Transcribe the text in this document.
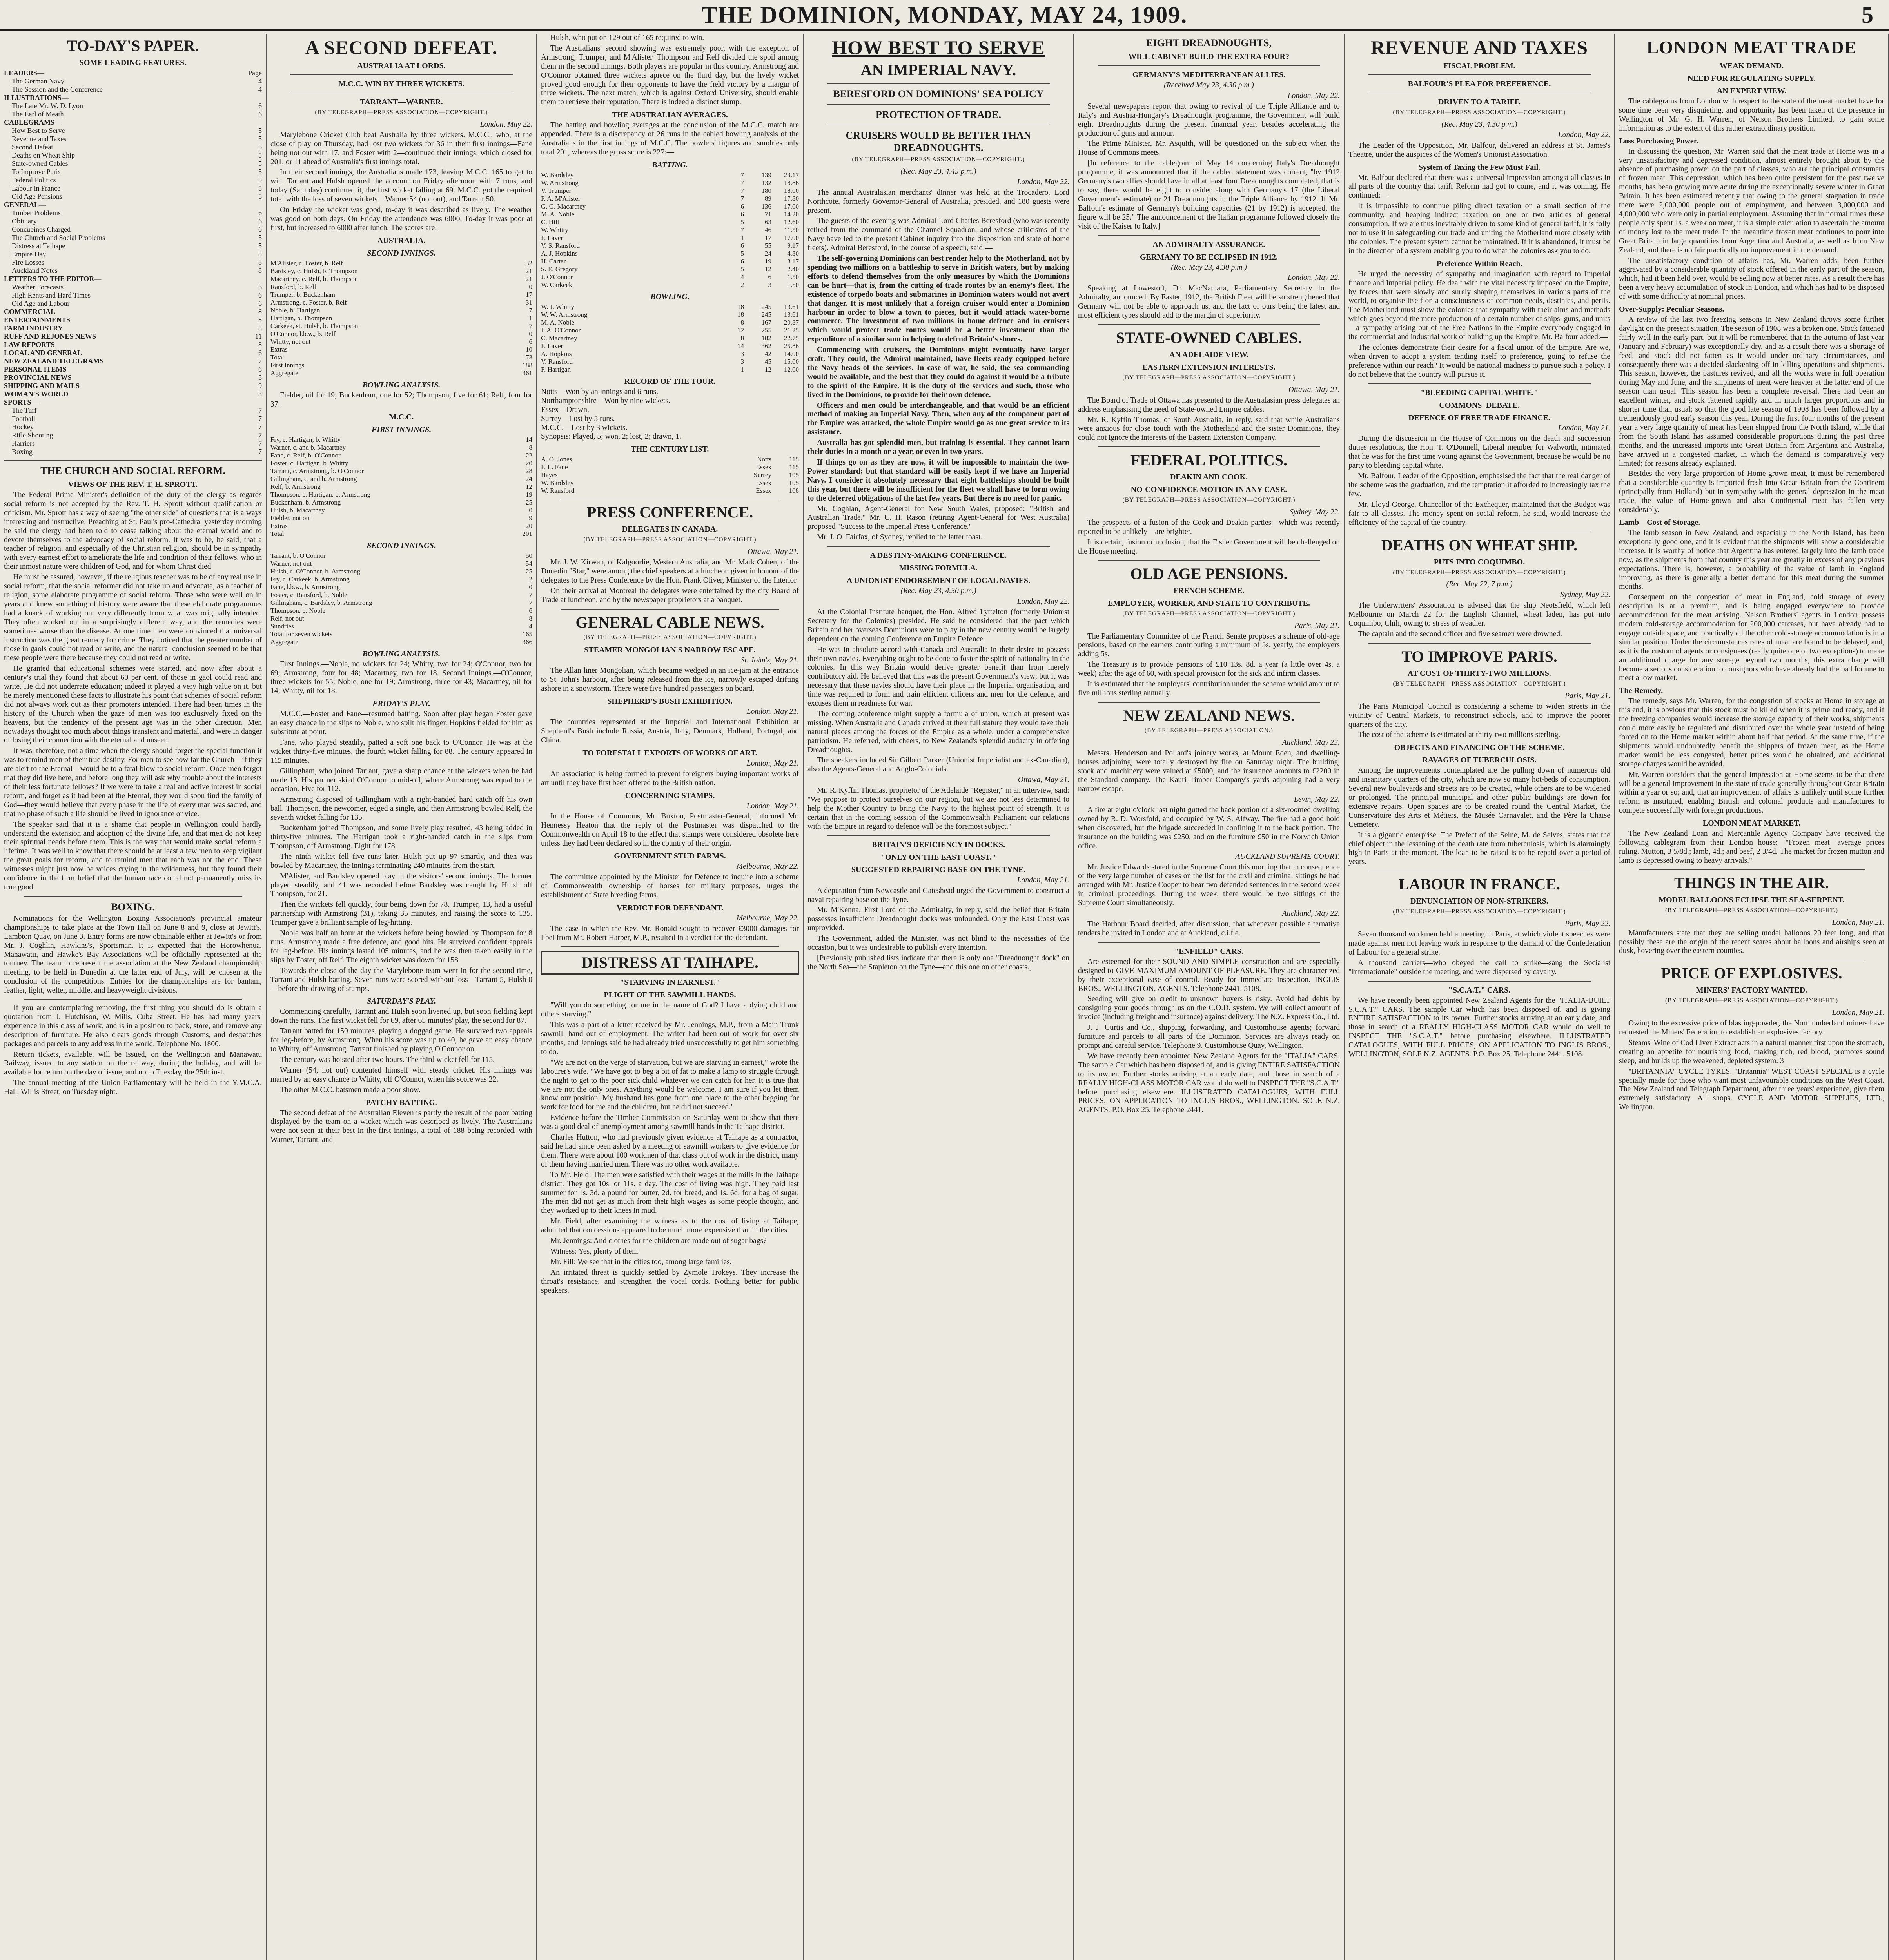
THE DOMINION, MONDAY, MAY 24, 1909.	5
TO-DAY'S PAPER.
SOME LEADING FEATURES.
LEADERS—	Page
The German Navy	4
The Session and the Conference	4
ILLUSTRATIONS—
The Late Mr. W. D. Lyon	6
The Earl of Meath	6
CABLEGRAMS—
How Best to Serve	5
Revenue and Taxes	5
Second Defeat	5
Deaths on Wheat Ship	5
State-owned Cables	5
To Improve Paris	5
Federal Politics	5
Labour in France	5
Old Age Pensions	5
GENERAL—
Timber Problems	6
Obituary	6
Concubines Charged	6
The Church and Social Problems	5
Distress at Taihape	5
Empire Day	8
Fire Losses	8
Auckland Notes	8
LETTERS TO THE EDITOR—
Weather Forecasts	6
High Rents and Hard Times	6
Old Age and Labour	6
COMMERCIAL	8
ENTERTAINMENTS	3
FARM INDUSTRY	8
RUFF AND REJONES NEWS	11
LAW REPORTS	8
LOCAL AND GENERAL	6
NEW ZEALAND TELEGRAMS	7
PERSONAL ITEMS	6
PROVINCIAL NEWS	3
SHIPPING AND MAILS	9
WOMAN'S WORLD	3
SPORTS—
The Turf	7
Football	7
Hockey	7
Rifle Shooting	7
Harriers	7
Boxing	7
THE CHURCH AND SOCIAL REFORM.
VIEWS OF THE REV. T. H. SPROTT.

The Federal Prime Minister's definition of the duty of the clergy as regards social reform is not accepted by the Rev. T. H. Sprott without qualification or criticism. Mr. Sprott has a way of seeing "the other side" of questions that is always interesting and instructive. Preaching at St. Paul's pro-Cathedral yesterday morning he said the clergy had been told to cease talking about the eternal world and to devote themselves to the advocacy of social reform. It was to be, he said, that a teacher of religion, and especially of the Christian religion, should be in sympathy with every earnest effort to ameliorate the life and condition of their fellows, who in their inmost nature were children of God, and for whom Christ died.

He must be assured, however, if the religious teacher was to be of any real use in social reform, that the social reformer did not take up and advocate, as a teacher of religion, some elaborate programme of social reform. Those who were well on in years and knew something of history were aware that these elaborate programmes had a knack of working out very differently from what was originally intended. They often worked out in a surprisingly different way, and the remedies were sometimes worse than the disease. At one time men were convinced that universal instruction was the great remedy for crime. They noticed that the greater number of those in gaols could not read or write, and the natural conclusion seemed to be that these people were there because they could not read or write.

He granted that educational schemes were started, and now after about a century's trial they found that about 60 per cent. of those in gaol could read and write. He did not underrate education; indeed it played a very high value on it, but he merely mentioned these facts to illustrate his point that schemes of social reform did not always work out as their promoters intended. There had been times in the history of the Church when the gaze of men was too exclusively fixed on the heavens, but the tendency of the present age was in the other direction. Men nowadays thought too much about things transient and material, and were in danger of losing their connection with the eternal and unseen.

It was, therefore, not a time when the clergy should forget the special function it was to remind men of their true destiny. For men to see how far the Church—if they are alert to the Eternal—would be to a fatal blow to social reform. Once men forgot that they did live here, and before long they will ask why trouble about the interests of their less fortunate fellows? If we were to take a real and active interest in social reform, and forget as it had been at the Eternal, they would soon find the family of God—they would believe that every phase in the life of every man was sacred, and that no phase of such a life should be lived in ignorance or vice.

The speaker said that it is a shame that people in Wellington could hardly understand the extension and adoption of the divine life, and that men do not keep their spiritual needs before them. This is the way that would make social reform a lifetime. It was well to know that there should be at least a few men to keep vigilant the great goals for reform, and to remind men that each was not the end. These witnesses might just now be voices crying in the wilderness, but they found their confidence in the firm belief that the human race could not permanently miss its true good.

BOXING.

Nominations for the Wellington Boxing Association's provincial amateur championships to take place at the Town Hall on June 8 and 9, close at Jewitt's, Lambton Quay, on June 3. Entry forms are now obtainable either at Jewitt's or from Mr. J. Coghlin, Hawkins's, Sportsman. It is expected that the Horowhenua, Manawatu, and Hawke's Bay Associations will be officially represented at the tourney. The team to represent the association at the New Zealand championship meeting, to be held in Dunedin at the latter end of July, will be chosen at the conclusion of the competitions. Entries for the championships are for bantam, feather, light, welter, middle, and heavyweight divisions.

If you are contemplating removing, the first thing you should do is obtain a quotation from J. Hutchison, W. Mills, Cuba Street. He has had many years' experience in this class of work, and is in a position to pack, store, and remove any description of furniture. He also clears goods through Customs, and despatches packages and parcels to any address in the world. Telephone No. 1800.

Return tickets, available, will be issued, on the Wellington and Manawatu Railway, issued to any station on the railway, during the holiday, and will be available for return on the day of issue, and up to Tuesday, the 25th inst.

The annual meeting of the Union Parliamentary will be held in the Y.M.C.A. Hall, Willis Street, on Tuesday night.

A SECOND DEFEAT.
AUSTRALIA AT LORDS.
M.C.C. WIN BY THREE WICKETS.
TARRANT—WARNER.
(BY TELEGRAPH—PRESS ASSOCIATION—COPYRIGHT.)
London, May 22.

Marylebone Cricket Club beat Australia by three wickets. M.C.C., who, at the close of play on Thursday, had lost two wickets for 36 in their first innings—Fane being not out with 17, and Foster with 2—continued their innings, which closed for 201, or 11 ahead of Australia's first innings total.

In their second innings, the Australians made 173, leaving M.C.C. 165 to get to win. Tarrant and Hulsh opened the account on Friday afternoon with 7 runs, and today (Saturday) continued it, the first wicket falling at 69. M.C.C. got the required total with the loss of seven wickets—Warner 54 (not out), and Tarrant 50.

On Friday the wicket was good, to-day it was described as lively. The weather was good on both days. On Friday the attendance was 6000. To-day it was poor at first, but increased to 6000 after lunch. The scores are:

AUSTRALIA.
SECOND INNINGS.
M'Alister, c. Foster, b. Relf	32
Bardsley, c. Hulsh, b. Thompson	21
Macartney, c. Relf, b. Thompson	21
Ransford, b. Relf	0
Trumper, b. Buckenham	17
Armstrong, c. Foster, b. Relf	31
Noble, b. Hartigan	7
Hartigan, b. Thompson	1
Carkeek, st. Hulsh, b. Thompson	7
O'Connor, l.b.w., b. Relf	0
Whitty, not out	6
Extras	10
Total	173
First Innings	188
Aggregate	361
BOWLING ANALYSIS.

Fielder, nil for 19; Buckenham, one for 52; Thompson, five for 61; Relf, four for 37.

M.C.C.
FIRST INNINGS.
Fry, c. Hartigan, b. Whitty	14
Warner, c. and b. Macartney	8
Fane, c. Relf, b. O'Connor	22
Foster, c. Hartigan, b. Whitty	20
Tarrant, c. Armstrong, b. O'Connor	28
Gillingham, c. and b. Armstrong	24
Relf, b. Armstrong	12
Thompson, c. Hartigan, b. Armstrong	19
Buckenham, b. Armstrong	25
Hulsh, b. Macartney	0
Fielder, not out	9
Extras	20
Total	201
SECOND INNINGS.
Tarrant, b. O'Connor	50
Warner, not out	54
Hulsh, c. O'Connor, b. Armstrong	25
Fry, c. Carkeek, b. Armstrong	2
Fane, l.b.w., b. Armstrong	0
Foster, c. Ransford, b. Noble	7
Gillingham, c. Bardsley, b. Armstrong	7
Thompson, b. Noble	6
Relf, not out	8
Sundries	4
Total for seven wickets	165
Aggregate	366
BOWLING ANALYSIS.

First Innings.—Noble, no wickets for 24; Whitty, two for 24; O'Connor, two for 69; Armstrong, four for 48; Macartney, two for 18. Second Innings.—O'Connor, three wickets for 55; Noble, one for 19; Armstrong, three for 43; Macartney, nil for 14; Whitty, nil for 18.

FRIDAY'S PLAY.

M.C.C.—Foster and Fane—resumed batting. Soon after play began Foster gave an easy chance in the slips to Noble, who spilt his finger. Hopkins fielded for him as substitute at point.

Fane, who played steadily, patted a soft one back to O'Connor. He was at the wicket thirty-five minutes, the fourth wicket falling for 88. The century appeared in 115 minutes.

Gillingham, who joined Tarrant, gave a sharp chance at the wickets when he had made 13. His partner skied O'Connor to mid-off, where Armstrong was equal to the occasion. Five for 112.

Armstrong disposed of Gillingham with a right-handed hard catch off his own ball. Thompson, the newcomer, edged a single, and then Armstrong bowled Relf, the seventh wicket falling for 135.

Buckenham joined Thompson, and some lively play resulted, 43 being added in thirty-five minutes. The Hartigan took a right-handed catch in the slips from Thompson, off Armstrong. Eight for 178.

The ninth wicket fell five runs later. Hulsh put up 97 smartly, and then was bowled by Macartney, the innings terminating 240 minutes from the start.

M'Alister, and Bardsley opened play in the visitors' second innings. The former played steadily, and 41 was recorded before Bardsley was caught by Hulsh off Thompson, for 21.

Then the wickets fell quickly, four being down for 78. Trumper, 13, had a useful partnership with Armstrong (31), taking 35 minutes, and raising the score to 135. Trumper gave a brilliant sample of leg-hitting.

Noble was half an hour at the wickets before being bowled by Thompson for 8 runs. Armstrong made a free defence, and good hits. He survived confident appeals for leg-before. His innings lasted 105 minutes, and he was then taken easily in the slips by Foster, off Relf. The eighth wicket was down for 158.

Towards the close of the day the Marylebone team went in for the second time, Tarrant and Hulsh batting. Seven runs were scored without loss—Tarrant 5, Hulsh 0—before the drawing of stumps.

SATURDAY'S PLAY.

Commencing carefully, Tarrant and Hulsh soon livened up, but soon fielding kept down the runs. The first wicket fell for 69, after 65 minutes' play, the second for 87.

Tarrant batted for 150 minutes, playing a dogged game. He survived two appeals for leg-before, by Armstrong. When his score was up to 40, he gave an easy chance to Whitty, off Armstrong. Tarrant finished by playing O'Connor on.

The century was hoisted after two hours. The third wicket fell for 115.

Warner (54, not out) contented himself with steady cricket. His innings was marred by an easy chance to Whitty, off O'Connor, when his score was 22.

The other M.C.C. batsmen made a poor show.

PATCHY BATTING.

The second defeat of the Australian Eleven is partly the result of the poor batting displayed by the team on a wicket which was described as lively. The Australians were not seen at their best in the first innings, a total of 188 being recorded, with Warner, Tarrant, and

Hulsh, who put on 129 out of 165 required to win.

The Australians' second showing was extremely poor, with the exception of Armstrong, Trumper, and M'Alister. Thompson and Relf divided the spoil among them in the second innings. Both players are popular in this country. Armstrong and O'Connor obtained three wickets apiece on the third day, but the lively wicket proved good enough for their opponents to have the field victory by a margin of three wickets. The next match, which is against Oxford University, should enable them to retrieve their reputation. There is indeed a distinct slump.

THE AUSTRALIAN AVERAGES.

The batting and bowling averages at the conclusion of the M.C.C. match are appended. There is a discrepancy of 26 runs in the cabled bowling analysis of the Australians in the first innings of M.C.C. The bowlers' figures and sundries only total 201, whereas the gross score is 227:—

BATTING.
W. Bardsley	7	139	23.17
W. Armstrong	7	132	18.86
V. Trumper	7	180	18.00
P. A. M'Alister	7	89	17.80
G. G. Macartney	6	136	17.00
M. A. Noble	6	71	14.20
C. Hill	5	63	12.60
W. Whitty	7	46	11.50
F. Laver	1	17	17.00
V. S. Ransford	6	55	9.17
A. J. Hopkins	5	24	4.80
H. Carter	6	19	3.17
S. E. Gregory	5	12	2.40
J. O'Connor	4	6	1.50
W. Carkeek	2	3	1.50
BOWLING.
W. J. Whitty	18	245	13.61
W. W. Armstrong	18	245	13.61
M. A. Noble	8	167	20.87
J. A. O'Connor	12	255	21.25
C. Macartney	8	182	22.75
F. Laver	14	362	25.86
A. Hopkins	3	42	14.00
V. Ransford	3	45	15.00
F. Hartigan	1	12	12.00
RECORD OF THE TOUR.
Notts—Won by an innings and 6 runs.
Northamptonshire—Won by nine wickets.
Essex—Drawn.
Surrey—Lost by 5 runs.
M.C.C.—Lost by 3 wickets.
Synopsis: Played, 5; won, 2; lost, 2; drawn, 1.
THE CENTURY LIST.
A. O. Jones	Notts	115
F. L. Fane	Essex	115
Hayes	Surrey	105
W. Bardsley	Essex	105
W. Ransford	Essex	108
PRESS CONFERENCE.
DELEGATES IN CANADA.
(BY TELEGRAPH—PRESS ASSOCIATION—COPYRIGHT.)
Ottawa, May 21.

Mr. J. W. Kirwan, of Kalgoorlie, Western Australia, and Mr. Mark Cohen, of the Dunedin "Star," were among the chief speakers at a luncheon given in honour of the delegates to the Press Conference by the Hon. Frank Oliver, Minister of the Interior.

On their arrival at Montreal the delegates were entertained by the city Board of Trade at luncheon, and by the newspaper proprietors at a banquet.

GENERAL CABLE NEWS.
(BY TELEGRAPH—PRESS ASSOCIATION—COPYRIGHT.)
STEAMER MONGOLIAN'S NARROW ESCAPE.
St. John's, May 21.

The Allan liner Mongolian, which became wedged in an ice-jam at the entrance to St. John's harbour, after being released from the ice, narrowly escaped drifting ashore in a snowstorm. There were five hundred passengers on board.

SHEPHERD'S BUSH EXHIBITION.
London, May 21.

The countries represented at the Imperial and International Exhibition at Shepherd's Bush include Russia, Austria, Italy, Denmark, Holland, Portugal, and China.

TO FORESTALL EXPORTS OF WORKS OF ART.
London, May 21.

An association is being formed to prevent foreigners buying important works of art until they have first been offered to the British nation.

CONCERNING STAMPS.
London, May 21.

In the House of Commons, Mr. Buxton, Postmaster-General, informed Mr. Hennessy Heaton that the reply of the Postmaster was dispatched to the Commonwealth on April 18 to the effect that stamps were considered obsolete here unless they had been declared so in the country of their origin.

GOVERNMENT STUD FARMS.
Melbourne, May 22.

The committee appointed by the Minister for Defence to inquire into a scheme of Commonwealth ownership of horses for military purposes, urges the establishment of State breeding farms.

VERDICT FOR DEFENDANT.
Melbourne, May 22.

The case in which the Rev. Mr. Ronald sought to recover £3000 damages for libel from Mr. Robert Harper, M.P., resulted in a verdict for the defendant.

DISTRESS AT TAIHAPE.
"STARVING IN EARNEST."
PLIGHT OF THE SAWMILL HANDS.

"Will you do something for me in the name of God? I have a dying child and others starving."

This was a part of a letter received by Mr. Jennings, M.P., from a Main Trunk sawmill hand out of employment. The writer had been out of work for over six months, and Jennings said he had already tried unsuccessfully to get him something to do.

"We are not on the verge of starvation, but we are starving in earnest," wrote the labourer's wife. "We have got to beg a bit of fat to make a lamp to struggle through the night to get to the poor sick child whatever we can catch for her. It is true that we are not the only ones. Anything would be welcome. I am sure if you let them know our position. My husband has gone from one place to the other begging for work for food for me and the children, but he did not succeed."

Evidence before the Timber Commission on Saturday went to show that there was a good deal of unemployment among sawmill hands in the Taihape district.

Charles Hutton, who had previously given evidence at Taihape as a contractor, said he had since been asked by a meeting of sawmill workers to give evidence for them. There were about 100 workmen of that class out of work in the district, many of them having married men. There was no other work available.

To Mr. Field: The men were satisfied with their wages at the mills in the Taihape district. They got 10s. or 11s. a day. The cost of living was high. They paid last summer for 1s. 3d. a pound for butter, 2d. for bread, and 1s. 6d. for a bag of sugar. The men did not get as much from their high wages as some people thought, and they worked up to their knees in mud.

Mr. Field, after examining the witness as to the cost of living at Taihape, admitted that concessions appeared to be much more expensive than in the cities.

Mr. Jennings: And clothes for the children are made out of sugar bags?

Witness: Yes, plenty of them.

Mr. Fill: We see that in the cities too, among large families.

An irritated threat is quickly settled by Zymole Trokeys. They increase the throat's resistance, and strengthen the vocal cords. Nothing better for public speakers.

HOW BEST TO SERVE
AN IMPERIAL NAVY.
BERESFORD ON DOMINIONS' SEA POLICY
PROTECTION OF TRADE.
CRUISERS WOULD BE BETTER THAN DREADNOUGHTS.
(BY TELEGRAPH—PRESS ASSOCIATION—COPYRIGHT.)
(Rec. May 23, 4.45 p.m.)
London, May 22.

The annual Australasian merchants' dinner was held at the Trocadero. Lord Northcote, formerly Governor-General of Australia, presided, and 180 guests were present.

The guests of the evening was Admiral Lord Charles Beresford (who was recently retired from the command of the Channel Squadron, and whose criticisms of the Navy have led to the present Cabinet inquiry into the disposition and state of home fleets). Admiral Beresford, in the course of a speech, said:—

The self-governing Dominions can best render help to the Motherland, not by spending two millions on a battleship to serve in British waters, but by making efforts to defend themselves from the only measures by which the Dominions can be hurt—that is, from the cutting of trade routes by an enemy's fleet. The existence of torpedo boats and submarines in Dominion waters would not avert that danger. It is most unlikely that a foreign cruiser would enter a Dominion harbour in order to blow a town to pieces, but it would attack water-borne commerce. The investment of two millions in home defence and in cruisers which would protect trade routes would be a better investment than the expenditure of a similar sum in helping to defend Britain's shores.

Commencing with cruisers, the Dominions might eventually have larger craft. They could, the Admiral maintained, have fleets ready equipped before the Navy heads of the services. In case of war, he said, the sea commanding would be available, and the best that they could do against it would be a tribute to the spirit of the Empire. It is the duty of the services and such, those who lived in the Dominions, to provide for their own defence.

Officers and men could be interchangeable, and that would be an efficient method of making an Imperial Navy. Then, when any of the component part of the Empire was attacked, the whole Empire would go as one great service to its assistance.

Australia has got splendid men, but training is essential. They cannot learn their duties in a month or a year, or even in two years.

If things go on as they are now, it will be impossible to maintain the two-Power standard; but that standard will be easily kept if we have an Imperial Navy. I consider it absolutely necessary that eight battleships should be built this year, but there will be insufficient for the fleet we shall have to form owing to the deferred obligations of the last few years. But there is no need for panic.

Mr. Coghlan, Agent-General for New South Wales, proposed: "British and Australian Trade." Mr. C. H. Rason (retiring Agent-General for West Australia) proposed "Success to the Imperial Press Conference."

Mr. J. O. Fairfax, of Sydney, replied to the latter toast.

A DESTINY-MAKING CONFERENCE.
MISSING FORMULA.
A UNIONIST ENDORSEMENT OF LOCAL NAVIES.
(Rec. May 23, 4.30 p.m.)
London, May 22.

At the Colonial Institute banquet, the Hon. Alfred Lyttelton (formerly Unionist Secretary for the Colonies) presided. He said he considered that the pact which Britain and her overseas Dominions were to play in the new century would be largely dependent on the coming Conference on Empire Defence.

He was in absolute accord with Canada and Australia in their desire to possess their own navies. Everything ought to be done to foster the spirit of nationality in the colonies. In this way Britain would derive greater benefit than from merely contributory aid. He believed that this was the present Government's view; but it was necessary that these navies should have their place in the Imperial organisation, and time was required to form and train efficient officers and men for the defence, and excuses them in readiness for war.

The coming conference might supply a formula of union, which at present was missing. When Australia and Canada arrived at their full stature they would take their natural places among the forces of the Empire as a whole, under a comprehensive patriotism. He referred, with cheers, to New Zealand's splendid audacity in offering Dreadnoughts.

The speakers included Sir Gilbert Parker (Unionist Imperialist and ex-Canadian), also the Agents-General and Anglo-Colonials.

Ottawa, May 21.

Mr. R. Kyffin Thomas, proprietor of the Adelaide "Register," in an interview, said: "We propose to protect ourselves on our region, but we are not less determined to help the Mother Country to bring the Navy to the highest point of strength. It is certain that in the coming session of the Commonwealth Parliament our relations with the Empire in regard to defence will be the foremost subject."

BRITAIN'S DEFICIENCY IN DOCKS.
"ONLY ON THE EAST COAST."
SUGGESTED REPAIRING BASE ON THE TYNE.
London, May 21.

A deputation from Newcastle and Gateshead urged the Government to construct a naval repairing base on the Tyne.

Mr. M'Kenna, First Lord of the Admiralty, in reply, said the belief that Britain possesses insufficient Dreadnought docks was unfounded. Only the East Coast was unprovided.

The Government, added the Minister, was not blind to the necessities of the occasion, but it was undesirable to publish every intention.

[Previously published lists indicate that there is only one "Dreadnought dock" on the North Sea—the Stapleton on the Tyne—and this one on other coasts.]

EIGHT DREADNOUGHTS,
WILL CABINET BUILD THE EXTRA FOUR?
GERMANY'S MEDITERRANEAN ALLIES.
(Received May 23, 4.30 p.m.)
London, May 22.

Several newspapers report that owing to revival of the Triple Alliance and to Italy's and Austria-Hungary's Dreadnought programme, the Government will build eight Dreadnoughts during the present financial year, besides accelerating the production of guns and armour.

The Prime Minister, Mr. Asquith, will be questioned on the subject when the House of Commons meets.

[In reference to the cablegram of May 14 concerning Italy's Dreadnought programme, it was announced that if the cabled statement was correct, "by 1912 Germany's two allies should have in all at least four Dreadnoughts completed; that is to say, there would be eight to consider along with Germany's 17 (the Liberal Government's estimate) or 21 Dreadnoughts in the Triple Alliance by 1912. If Mr. Balfour's estimate of Germany's building capacities (21 by 1912) is accepted, the figure will be 25." The announcement of the Italian programme followed closely the visit of the Kaiser to Italy.]

AN ADMIRALTY ASSURANCE.
GERMANY TO BE ECLIPSED IN 1912.
(Rec. May 23, 4.30 p.m.)
London, May 22.

Speaking at Lowestoft, Dr. MacNamara, Parliamentary Secretary to the Admiralty, announced: By Easter, 1912, the British Fleet will be so strengthened that Germany will not be able to approach us, and the fact of ours being the latest and most efficient types should add to the margin of superiority.

STATE-OWNED CABLES.
AN ADELAIDE VIEW.
EASTERN EXTENSION INTERESTS.
(BY TELEGRAPH—PRESS ASSOCIATION—COPYRIGHT.)
Ottawa, May 21.

The Board of Trade of Ottawa has presented to the Australasian press delegates an address emphasising the need of State-owned Empire cables.

Mr. R. Kyffin Thomas, of South Australia, in reply, said that while Australians were anxious for close touch with the Motherland and the sister Dominions, they could not ignore the interests of the Eastern Extension Company.

FEDERAL POLITICS.
DEAKIN AND COOK.
NO-CONFIDENCE MOTION IN ANY CASE.
(BY TELEGRAPH—PRESS ASSOCIATION—COPYRIGHT.)
Sydney, May 22.

The prospects of a fusion of the Cook and Deakin parties—which was recently reported to be unlikely—are brighter.

It is certain, fusion or no fusion, that the Fisher Government will be challenged on the House meeting.

OLD AGE PENSIONS.
FRENCH SCHEME.
EMPLOYER, WORKER, AND STATE TO CONTRIBUTE.
(BY TELEGRAPH—PRESS ASSOCIATION—COPYRIGHT.)
Paris, May 21.

The Parliamentary Committee of the French Senate proposes a scheme of old-age pensions, based on the earners contributing a minimum of 5s. yearly, the employers adding 5s.

The Treasury is to provide pensions of £10 13s. 8d. a year (a little over 4s. a week) after the age of 60, with special provision for the sick and infirm classes.

It is estimated that the employers' contribution under the scheme would amount to five millions sterling annually.

NEW ZEALAND NEWS.
(BY TELEGRAPH—PRESS ASSOCIATION.)
Auckland, May 23.

Messrs. Henderson and Pollard's joinery works, at Mount Eden, and dwelling-houses adjoining, were totally destroyed by fire on Saturday night. The building, stock and machinery were valued at £5000, and the insurance amounts to £2200 in the Standard company. The Kauri Timber Company's yards adjoining had a very narrow escape.

Levin, May 22.

A fire at eight o'clock last night gutted the back portion of a six-roomed dwelling owned by R. D. Worsfold, and occupied by W. S. Alfway. The fire had a good hold when discovered, but the brigade succeeded in confining it to the back portion. The insurance on the building was £250, and on the furniture £50 in the Norwich Union office.

AUCKLAND SUPREME COURT.

Mr. Justice Edwards stated in the Supreme Court this morning that in consequence of the very large number of cases on the list for the civil and criminal sittings he had arranged with Mr. Justice Cooper to hear two defended sentences in the second week in criminal proceedings. During the week, there would be two sittings of the Supreme Court simultaneously.

Auckland, May 22.

The Harbour Board decided, after discussion, that whenever possible alternative tenders be invited in London and at Auckland, c.i.f.e.

"ENFIELD" CARS.

Are esteemed for their SOUND AND SIMPLE construction and are especially designed to GIVE MAXIMUM AMOUNT OF PLEASURE. They are characterized by their exceptional ease of control. Ready for immediate inspection. INGLIS BROS., WELLINGTON, AGENTS. Telephone 2441. 5108.

Seeding will give on credit to unknown buyers is risky. Avoid bad debts by consigning your goods through us on the C.O.D. system. We will collect amount of invoice (including freight and insurance) against delivery. The N.Z. Express Co., Ltd.

J. J. Curtis and Co., shipping, forwarding, and Customhouse agents; forward furniture and parcels to all parts of the Dominion. Services are always ready on prompt and careful service. Telephone 9. Customhouse Quay, Wellington.

We have recently been appointed New Zealand Agents for the "ITALIA" CARS. The sample Car which has been disposed of, and is giving ENTIRE SATISFACTION to its owner. Further stocks arriving at an early date, and those in search of a REALLY HIGH-CLASS MOTOR CAR would do well to INSPECT THE "S.C.A.T." before purchasing elsewhere. ILLUSTRATED CATALOGUES, WITH FULL PRICES, ON APPLICATION TO INGLIS BROS., WELLINGTON. SOLE N.Z. AGENTS. P.O. Box 25. Telephone 2441.

REVENUE AND TAXES
FISCAL PROBLEM.
BALFOUR'S PLEA FOR PREFERENCE.
DRIVEN TO A TARIFF.
(BY TELEGRAPH—PRESS ASSOCIATION—COPYRIGHT.)
(Rec. May 23, 4.30 p.m.)
London, May 22.

The Leader of the Opposition, Mr. Balfour, delivered an address at St. James's Theatre, under the auspices of the Women's Unionist Association.

System of Taxing the Few Must Fail.

Mr. Balfour declared that there was a universal impression amongst all classes in all parts of the country that tariff Reform had got to come, and it was coming. He continued:—

It is impossible to continue piling direct taxation on a small section of the community, and heaping indirect taxation on one or two articles of general consumption. If we are thus inevitably driven to some kind of general tariff, it is folly not to use it in safeguarding our trade and uniting the Motherland more closely with the colonies. The present system cannot be maintained. If it is abandoned, it must be in the direction of a system enabling you to do what the colonies ask you to do.

Preference Within Reach.

He urged the necessity of sympathy and imagination with regard to Imperial finance and Imperial policy. He dealt with the vital necessity imposed on the Empire, by forces that were slowly and surely shaping themselves in various parts of the world, to organise itself on a consciousness of common needs, destinies, and perils. The Motherland must show the colonies that sympathy with their aims and methods which goes beyond the mere production of a certain number of ships, guns, and units—a sympathy arising out of the Free Nations in the Empire everybody engaged in the commercial and industrial work of building up the Empire. Mr. Balfour added:—

The colonies demonstrate their desire for a fiscal union of the Empire. Are we, when driven to adopt a system tending itself to preference, going to refuse the preference within our reach? It would be national madness to pursue such a policy. I do not believe that the country will pursue it.

"BLEEDING CAPITAL WHITE."
COMMONS' DEBATE.
DEFENCE OF FREE TRADE FINANCE.
London, May 21.

During the discussion in the House of Commons on the death and succession duties resolutions, the Hon. T. O'Donnell, Liberal member for Walworth, intimated that he was for the first time voting against the Government, because he would be no party to bleeding capital white.

Mr. Balfour, Leader of the Opposition, emphasised the fact that the real danger of the scheme was the graduation, and the temptation it afforded to increasingly tax the few.

Mr. Lloyd-George, Chancellor of the Exchequer, maintained that the Budget was fair to all classes. The money spent on social reform, he said, would increase the efficiency of the capital of the country.

DEATHS ON WHEAT SHIP.
PUTS INTO COQUIMBO.
(BY TELEGRAPH—PRESS ASSOCIATION—COPYRIGHT.)
(Rec. May 22, 7 p.m.)
Sydney, May 22.

The Underwriters' Association is advised that the ship Neotsfield, which left Melbourne on March 22 for the English Channel, wheat laden, has put into Coquimbo, Chili, owing to stress of weather.

The captain and the second officer and five seamen were drowned.

TO IMPROVE PARIS.
AT COST OF THIRTY-TWO MILLIONS.
(BY TELEGRAPH—PRESS ASSOCIATION—COPYRIGHT.)
Paris, May 21.

The Paris Municipal Council is considering a scheme to widen streets in the vicinity of Central Markets, to reconstruct schools, and to improve the poorer quarters of the city.

The cost of the scheme is estimated at thirty-two millions sterling.

OBJECTS AND FINANCING OF THE SCHEME.
RAVAGES OF TUBERCULOSIS.

Among the improvements contemplated are the pulling down of numerous old and insanitary quarters of the city, which are now so many hot-beds of consumption. Several new boulevards and streets are to be created, while others are to be widened or prolonged. The principal municipal and other public buildings are down for extensive repairs. Open spaces are to be created round the Central Market, the Conservatoire des Arts et Métiers, the Musée Carnavalet, and the Père la Chaise Cemetery.

It is a gigantic enterprise. The Prefect of the Seine, M. de Selves, states that the chief object in the lessening of the death rate from tuberculosis, which is alarmingly high in Paris at the moment. The loan to be raised is to be repaid over a period of years.

LABOUR IN FRANCE.
DENUNCIATION OF NON-STRIKERS.
(BY TELEGRAPH—PRESS ASSOCIATION—COPYRIGHT.)
Paris, May 22.

Seven thousand workmen held a meeting in Paris, at which violent speeches were made against men not leaving work in response to the demand of the Confederation of Labour for a general strike.

A thousand carriers—who obeyed the call to strike—sang the Socialist "Internationale" outside the meeting, and were dispersed by cavalry.

"S.C.A.T." CARS.

We have recently been appointed New Zealand Agents for the "ITALIA-BUILT S.C.A.T." CARS. The sample Car which has been disposed of, and is giving ENTIRE SATISFACTION to its owner. Further stocks arriving at an early date, and those in search of a REALLY HIGH-CLASS MOTOR CAR would do well to INSPECT THE "S.C.A.T." before purchasing elsewhere. ILLUSTRATED CATALOGUES, WITH FULL PRICES, ON APPLICATION TO INGLIS BROS., WELLINGTON, SOLE N.Z. AGENTS. P.O. Box 25. Telephone 2441. 5108.

LONDON MEAT TRADE
WEAK DEMAND.
NEED FOR REGULATING SUPPLY.
AN EXPERT VIEW.

The cablegrams from London with respect to the state of the meat market have for some time been very disquieting, and opportunity has been taken of the presence in Wellington of Mr. G. H. Warren, of Nelson Brothers Limited, to gain some information as to the extent of this rather extraordinary position.

Loss Purchasing Power.

In discussing the question, Mr. Warren said that the meat trade at Home was in a very unsatisfactory and depressed condition, almost entirely brought about by the absence of purchasing power on the part of classes, who are the principal consumers of frozen meat. This depression, which has been quite persistent for the past twelve months, has been growing more acute during the exceptionally severe winter in Great Britain. It has been estimated recently that owing to the general stagnation in trade there were 2,000,000 people out of employment, and between 3,000,000 and 4,000,000 who were only in partial employment. Assuming that in normal times these people only spent 1s. a week on meat, it is a simple calculation to ascertain the amount of money lost to the meat trade. In the meantime frozen meat continues to pour into Great Britain in large quantities from Argentina and Australia, as well as from New Zealand, and there is no fair practically no improvement in the demand.

The unsatisfactory condition of affairs has, Mr. Warren adds, been further aggravated by a considerable quantity of stock offered in the early part of the season, which, had it been held over, would be selling now at better rates. As a result there has been a very heavy accumulation of stock in London, and which has had to be disposed of with some difficulty at nominal prices.

Over-Supply: Peculiar Seasons.

A review of the last two freezing seasons in New Zealand throws some further daylight on the present situation. The season of 1908 was a broken one. Stock fattened fairly well in the early part, but it will be remembered that in the autumn of last year (January and February) was exceptionally dry, and as a result there was a shortage of feed, and stock did not fatten as it would under ordinary circumstances, and consequently there was a decided slackening off in killing operations and shipments. This season, however, the pastures revived, and all the works were in full operation during May and June, and the shipments of meat were heavier at the latter end of the season than usual. This season has been a complete reversal. There had been an excellent winter, and stock fattened rapidly and in much larger proportions and in shorter time than usual; so that the good late season of 1908 has been followed by a tremendously good early season this year. During the first four months of the present year a very large quantity of meat has been shipped from the North Island, while that from the South Island has assumed considerable proportions during the past three months, and the increased imports into Great Britain from Argentina and Australia, have arrived in a congested market, in which the demand is comparatively very limited; for reasons already explained.

Besides the very large proportion of Home-grown meat, it must be remembered that a considerable quantity is imported fresh into Great Britain from the Continent (principally from Holland) but in sympathy with the general depression in the meat trade, the value of Home-grown and also Continental meat has fallen very considerably.

Lamb—Cost of Storage.

The lamb season in New Zealand, and especially in the North Island, has been exceptionally good one, and it is evident that the shipments will show a considerable increase. It is worthy of notice that Argentina has entered largely into the lamb trade now, as the shipments from that country this year are greatly in excess of any previous expectations. There is, however, a probability of the value of lamb in England improving, as there is generally a better demand for this meat during the summer months.

Consequent on the congestion of meat in England, cold storage of every description is at a premium, and is being engaged everywhere to provide accommodation for the meat arriving. Nelson Brothers' agents in London possess modern cold-storage accommodation for 200,000 carcases, but have already had to engage outside space, and practically all the other cold-storage accommodation is in a similar position. Under the circumstances rates of meat are bound to be delayed, and, as it is the custom of agents or consignees (really quite one or two exceptions) to make an additional charge for any storage beyond two months, this extra charge will become a serious consideration to consignors who have already had the bad fortune to meet a low market.

The Remedy.

The remedy, says Mr. Warren, for the congestion of stocks at Home in storage at this end, it is obvious that this stock must be killed when it is prime and ready, and if the freezing companies would increase the storage capacity of their works, shipments could more easily be regulated and distributed over the whole year instead of being forced on to the Home market within about half that period. At the same time, if the shipments would undoubtedly benefit the shippers of frozen meat, as the Home market would be less congested, better prices would be obtained, and additional storage charges would be avoided.

Mr. Warren considers that the general impression at Home seems to be that there will be a general improvement in the state of trade generally throughout Great Britain within a year or so; and, that an improvement of affairs is unlikely until some further reform is instituted, enabling British and colonial products and manufactures to compete successfully with foreign productions.

LONDON MEAT MARKET.

The New Zealand Loan and Mercantile Agency Company have received the following cablegram from their London house:—"Frozen meat—average prices ruling. Mutton, 3 5/8d.; lamb, 4d.; and beef, 2 3/4d. The market for frozen mutton and lamb is depressed owing to heavy arrivals."

THINGS IN THE AIR.
MODEL BALLOONS ECLIPSE THE SEA-SERPENT.
(BY TELEGRAPH—PRESS ASSOCIATION—COPYRIGHT.)
London, May 21.

Manufacturers state that they are selling model balloons 20 feet long, and that possibly these are the origin of the recent scares about balloons and airships seen at dusk, hovering over the eastern counties.

PRICE OF EXPLOSIVES.
MINERS' FACTORY WANTED.
(BY TELEGRAPH—PRESS ASSOCIATION—COPYRIGHT.)
London, May 21.

Owing to the excessive price of blasting-powder, the Northumberland miners have requested the Miners' Federation to establish an explosives factory.

Steams' Wine of Cod Liver Extract acts in a natural manner first upon the stomach, creating an appetite for nourishing food, making rich, red blood, promotes sound sleep, and builds up the weakened, depleted system. 3

"BRITANNIA" CYCLE TYRES. "Britannia" WEST COAST SPECIAL is a cycle specially made for those who want most unfavourable conditions on the West Coast. The New Zealand and Telegraph Department, after three years' experience, give them extremely satisfactory. All shops. CYCLE AND MOTOR SUPPLIES, LTD., Wellington.
